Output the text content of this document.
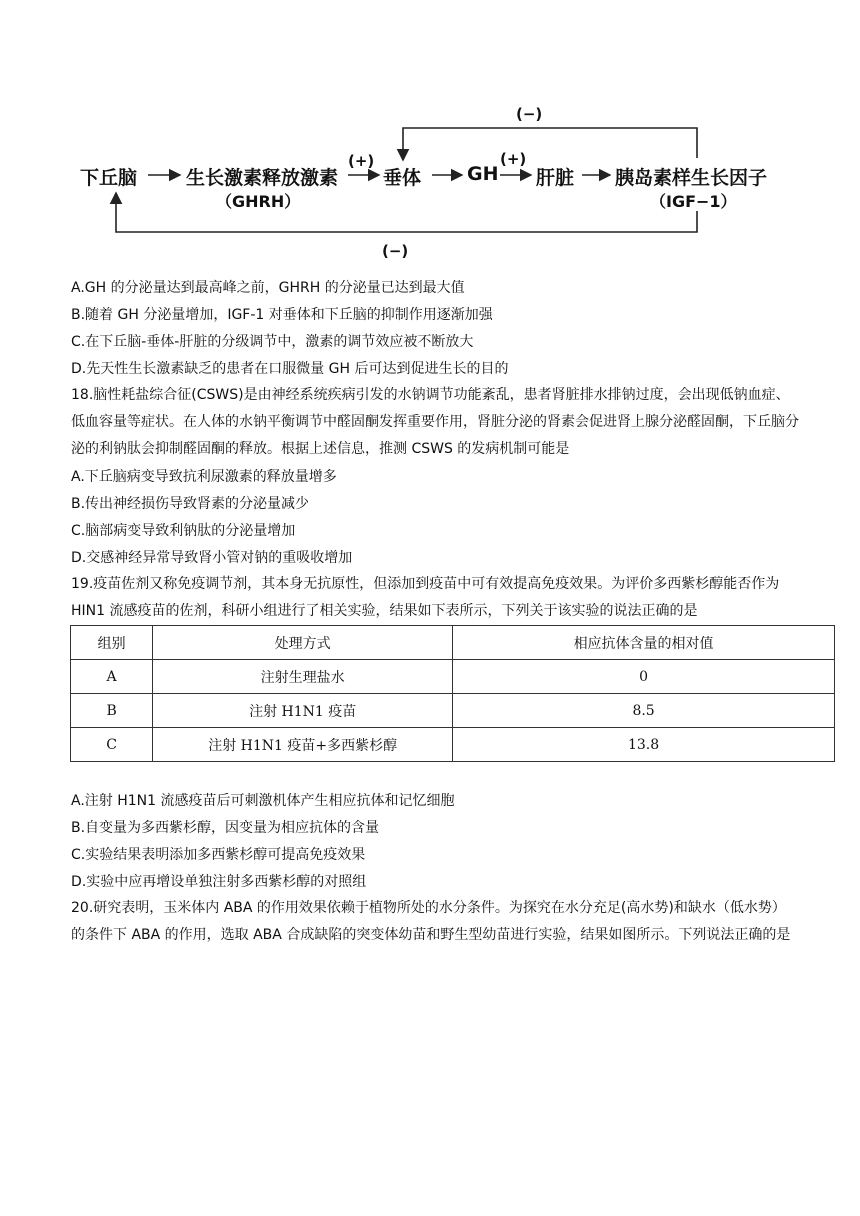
下丘脑	生长激素释放激素
（GHRH）
垂体 GH 肝脏 胰岛素样生长因子
（IGF−1）
(+)	(+)
(−)
(−)
A.GH 的分泌量达到最高峰之前，GHRH 的分泌量已达到最大值
B.随着 GH 分泌量增加，IGF-1 对垂体和下丘脑的抑制作用逐渐加强
C.在下丘脑-垂体-肝脏的分级调节中，激素的调节效应被不断放大
D.先天性生长激素缺乏的患者在口服微量 GH 后可达到促进生长的目的
18.脑性耗盐综合征(CSWS)是由神经系统疾病引发的水钠调节功能紊乱，患者肾脏排水排钠过度，会出现低钠血症、低血容量等症状。在人体的水钠平衡调节中醛固酮发挥重要作用，肾脏分泌的肾素会促进肾上腺分泌醛固酮，下丘脑分泌的利钠肽会抑制醛固酮的释放。根据上述信息，推测 CSWS 的发病机制可能是
A.下丘脑病变导致抗利尿激素的释放量增多
B.传出神经损伤导致肾素的分泌量减少
C.脑部病变导致利钠肽的分泌量增加
D.交感神经异常导致肾小管对钠的重吸收增加
19.疫苗佐剂又称免疫调节剂，其本身无抗原性，但添加到疫苗中可有效提高免疫效果。为评价多西紫杉醇能否作为 HIN1 流感疫苗的佐剂，科研小组进行了相关实验，结果如下表所示，下列关于该实验的说法正确的是
组别	处理方式	相应抗体含量的相对值
A	注射生理盐水	0
B	注射 H1N1 疫苗	8.5
C	注射 H1N1 疫苗+多西紫杉醇	13.8
A.注射 H1N1 流感疫苗后可刺激机体产生相应抗体和记忆细胞
B.自变量为多西紫杉醇，因变量为相应抗体的含量
C.实验结果表明添加多西紫杉醇可提高免疫效果
D.实验中应再增设单独注射多西紫杉醇的对照组
20.研究表明，玉米体内 ABA 的作用效果依赖于植物所处的水分条件。为探究在水分充足(高水势)和缺水（低水势）的条件下 ABA 的作用，选取 ABA 合成缺陷的突变体幼苗和野生型幼苗进行实验，结果如图所示。下列说法正确的是
